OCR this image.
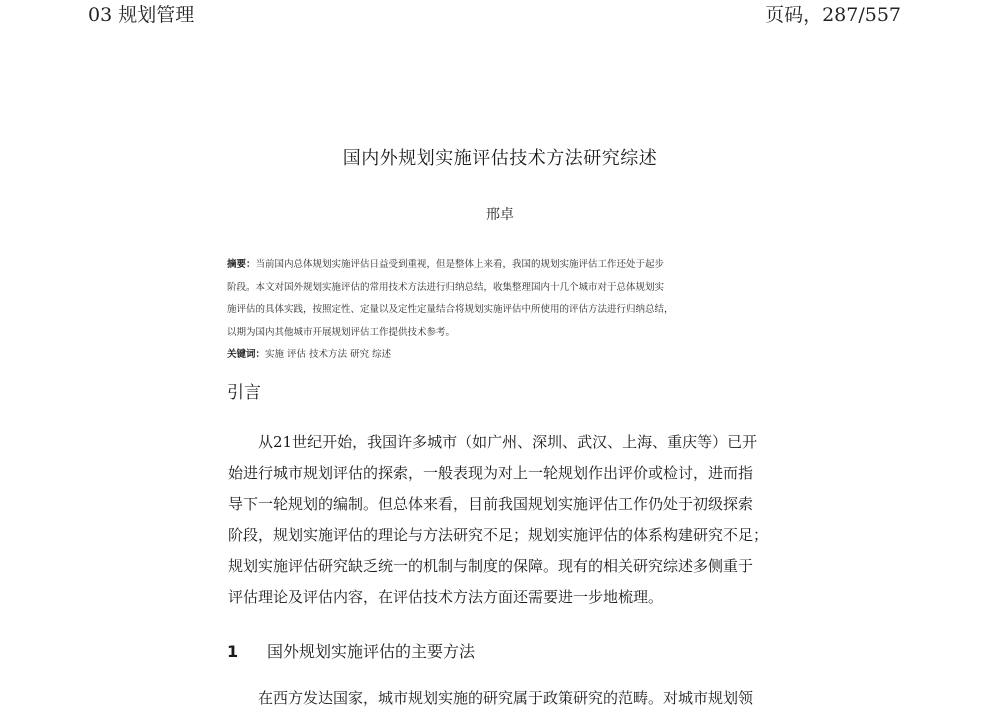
03 规划管理	页码，287/557
国内外规划实施评估技术方法研究综述
邢卓
摘要：当前国内总体规划实施评估日益受到重视，但是整体上来看，我国的规划实施评估工作还处于起步
阶段。本文对国外规划实施评估的常用技术方法进行归纳总结，收集整理国内十几个城市对于总体规划实
施评估的具体实践，按照定性、定量以及定性定量结合将规划实施评估中所使用的评估方法进行归纳总结，
以期为国内其他城市开展规划评估工作提供技术参考。
关键词：实施 评估 技术方法 研究 综述
引言
　　从21世纪开始，我国许多城市（如广州、深圳、武汉、上海、重庆等）已开
始进行城市规划评估的探索，一般表现为对上一轮规划作出评价或检讨，进而指
导下一轮规划的编制。但总体来看，目前我国规划实施评估工作仍处于初级探索
阶段，规划实施评估的理论与方法研究不足；规划实施评估的体系构建研究不足；
规划实施评估研究缺乏统一的机制与制度的保障。现有的相关研究综述多侧重于
评估理论及评估内容，在评估技术方法方面还需要进一步地梳理。
1 国外规划实施评估的主要方法
　　在西方发达国家，城市规划实施的研究属于政策研究的范畴。对城市规划领
